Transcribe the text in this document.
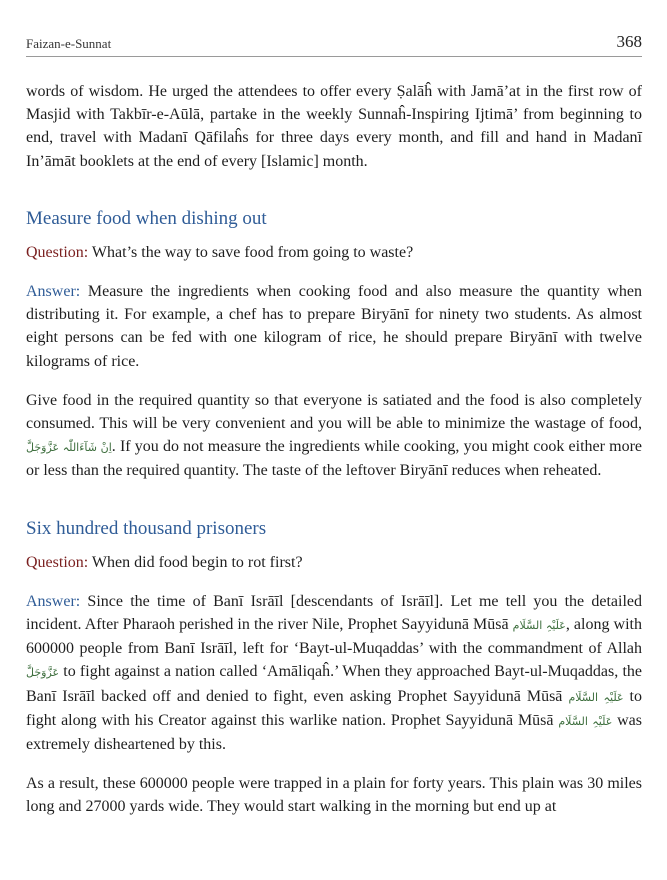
Faizan-e-Sunnat	368

words of wisdom. He urged the attendees to offer every Ṣalāĥ with Jamā’at in the first row of Masjid with Takbīr-e-Aūlā, partake in the weekly Sunnaĥ-Inspiring Ijtimā’ from beginning to end, travel with Madanī Qāfilaĥs for three days every month, and fill and hand in Madanī In’āmāt booklets at the end of every [Islamic] month.

Measure food when dishing out

Question: What’s the way to save food from going to waste?

Answer: Measure the ingredients when cooking food and also measure the quantity when distributing it. For example, a chef has to prepare Biryānī for ninety two students. As almost eight persons can be fed with one kilogram of rice, he should prepare Biryānī with twelve kilograms of rice.

Give food in the required quantity so that everyone is satiated and the food is also completely consumed. This will be very convenient and you will be able to minimize the wastage of food, اِنْ شَآءَاللّٰہ عَزَّوَجَلَّ. If you do not measure the ingredients while cooking, you might cook either more or less than the required quantity. The taste of the leftover Biryānī reduces when reheated.

Six hundred thousand prisoners

Question: When did food begin to rot first?

Answer: Since the time of Banī Isrāīl [descendants of Isrāīl]. Let me tell you the detailed incident. After Pharaoh perished in the river Nile, Prophet Sayyidunā Mūsā عَلَیْہِ السَّلَام, along with 600000 people from Banī Isrāīl, left for ‘Bayt-ul-Muqaddas’ with the commandment of Allah عَزَّوَجَلَّ to fight against a nation called ‘Amāliqaĥ.’ When they approached Bayt-ul-Muqaddas, the Banī Isrāīl backed off and denied to fight, even asking Prophet Sayyidunā Mūsā عَلَیْہِ السَّلَام to fight along with his Creator against this warlike nation. Prophet Sayyidunā Mūsā عَلَیْہِ السَّلَام was extremely disheartened by this.

As a result, these 600000 people were trapped in a plain for forty years. This plain was 30 miles long and 27000 yards wide. They would start walking in the morning but end up at
